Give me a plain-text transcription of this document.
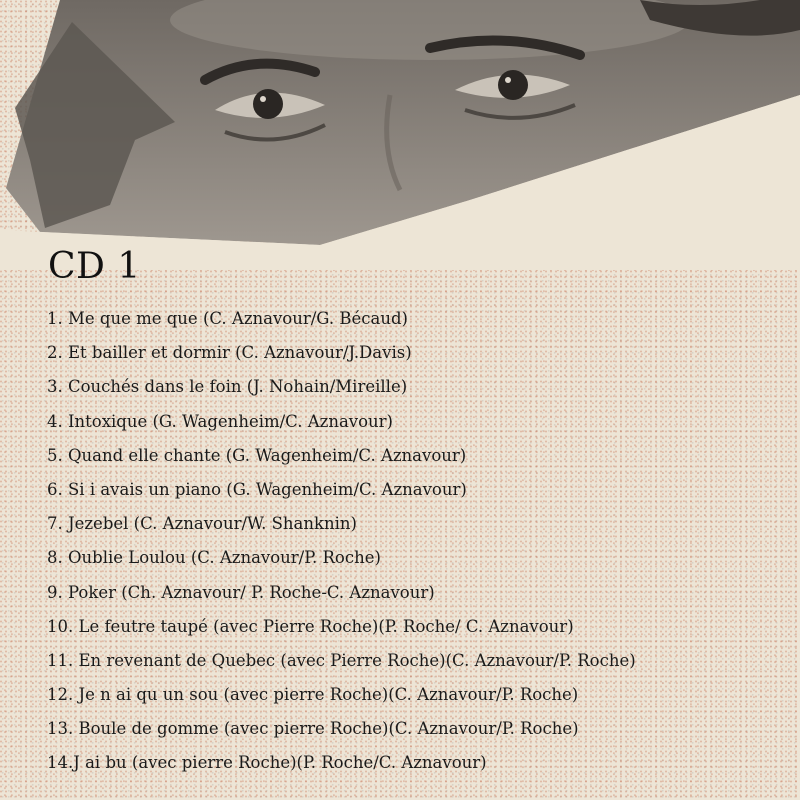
CD 1
1. Me que me que (C. Aznavour/G. Bécaud)
2. Et bailler et dormir (C. Aznavour/J.Davis)
3. Couchés dans le foin (J. Nohain/Mireille)
4. Intoxique (G. Wagenheim/C. Aznavour)
5. Quand elle chante (G. Wagenheim/C. Aznavour)
6. Si i avais un piano (G. Wagenheim/C. Aznavour)
7. Jezebel (C. Aznavour/W. Shanknin)
8. Oublie Loulou (C. Aznavour/P. Roche)
9. Poker (Ch. Aznavour/ P. Roche-C. Aznavour)
10. Le feutre taupé (avec Pierre Roche)(P. Roche/ C. Aznavour)
11. En revenant de Quebec (avec Pierre Roche)(C. Aznavour/P. Roche)
12. Je n ai qu un sou (avec pierre Roche)(C. Aznavour/P. Roche)
13. Boule de gomme (avec pierre Roche)(C. Aznavour/P. Roche)
14.J ai bu (avec pierre Roche)(P. Roche/C. Aznavour)
